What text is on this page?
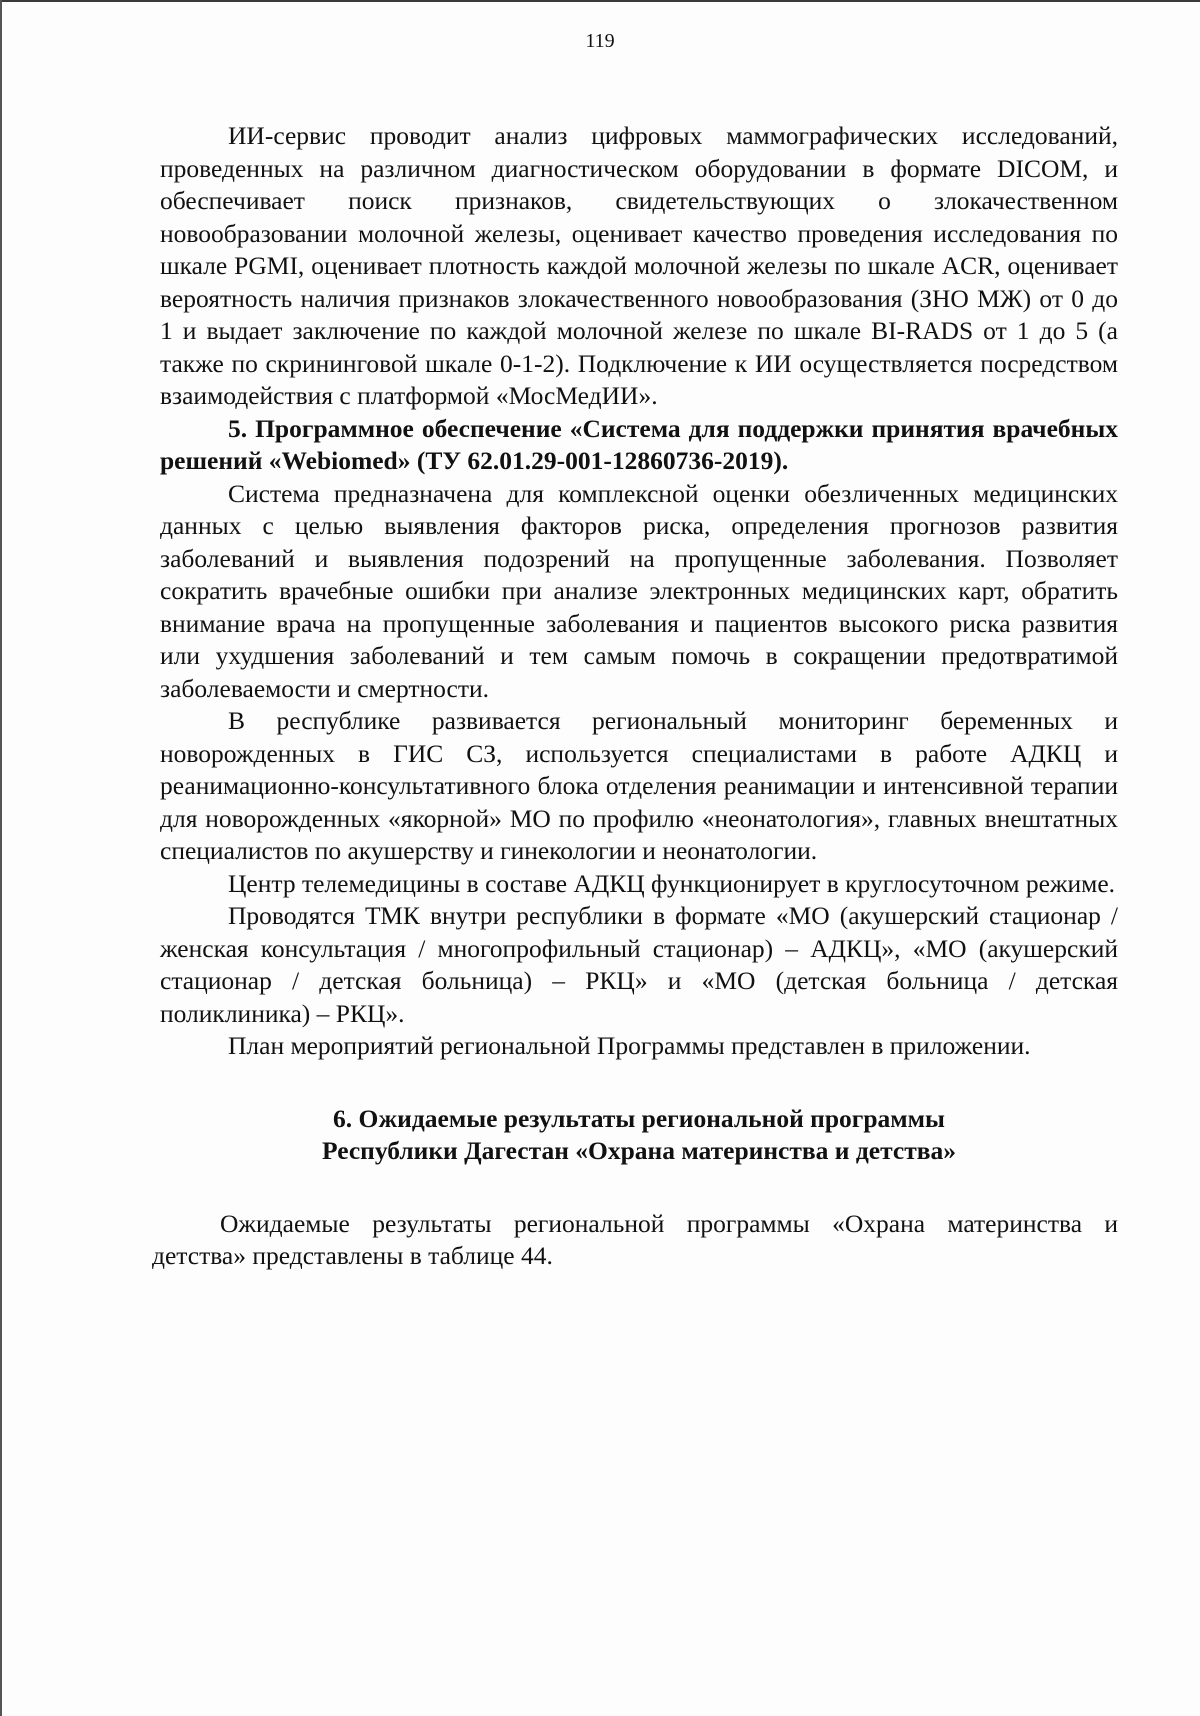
119

ИИ-сервис проводит анализ цифровых маммографических исследований, проведенных на различном диагностическом оборудовании в формате DICOM, и обеспечивает поиск признаков, свидетельствующих о злокачественном новообразовании молочной железы, оценивает качество проведения исследования по шкале PGMI, оценивает плотность каждой молочной железы по шкале ACR, оценивает вероятность наличия признаков злокачественного новообразования (ЗНО МЖ) от 0 до 1 и выдает заключение по каждой молочной железе по шкале BI-RADS от 1 до 5 (а также по скрининговой шкале 0-1-2). Подключение к ИИ осуществляется посредством взаимодействия с платформой «МосМедИИ».

5. Программное обеспечение «Система для поддержки принятия врачебных решений «Webiomed» (ТУ 62.01.29-001-12860736-2019).

Система предназначена для комплексной оценки обезличенных медицинских данных с целью выявления факторов риска, определения прогнозов развития заболеваний и выявления подозрений на пропущенные заболевания. Позволяет сократить врачебные ошибки при анализе электронных медицинских карт, обратить внимание врача на пропущенные заболевания и пациентов высокого риска развития или ухудшения заболеваний и тем самым помочь в сокращении предотвратимой заболеваемости и смертности.

В республике развивается региональный мониторинг беременных и новорожденных в ГИС СЗ, используется специалистами в работе АДКЦ и реанимационно-консультативного блока отделения реанимации и интенсивной терапии для новорожденных «якорной» МО по профилю «неонатология», главных внештатных специалистов по акушерству и гинекологии и неонатологии.

Центр телемедицины в составе АДКЦ функционирует в круглосуточном режиме.

Проводятся ТМК внутри республики в формате «МО (акушерский стационар / женская консультация / многопрофильный стационар) – АДКЦ», «МО (акушерский стационар / детская больница) – РКЦ» и «МО (детская больница / детская поликлиника) – РКЦ».

План мероприятий региональной Программы представлен в приложении.

6. Ожидаемые результаты региональной программы
Республики Дагестан «Охрана материнства и детства»

Ожидаемые результаты региональной программы «Охрана материнства и детства» представлены в таблице 44.
